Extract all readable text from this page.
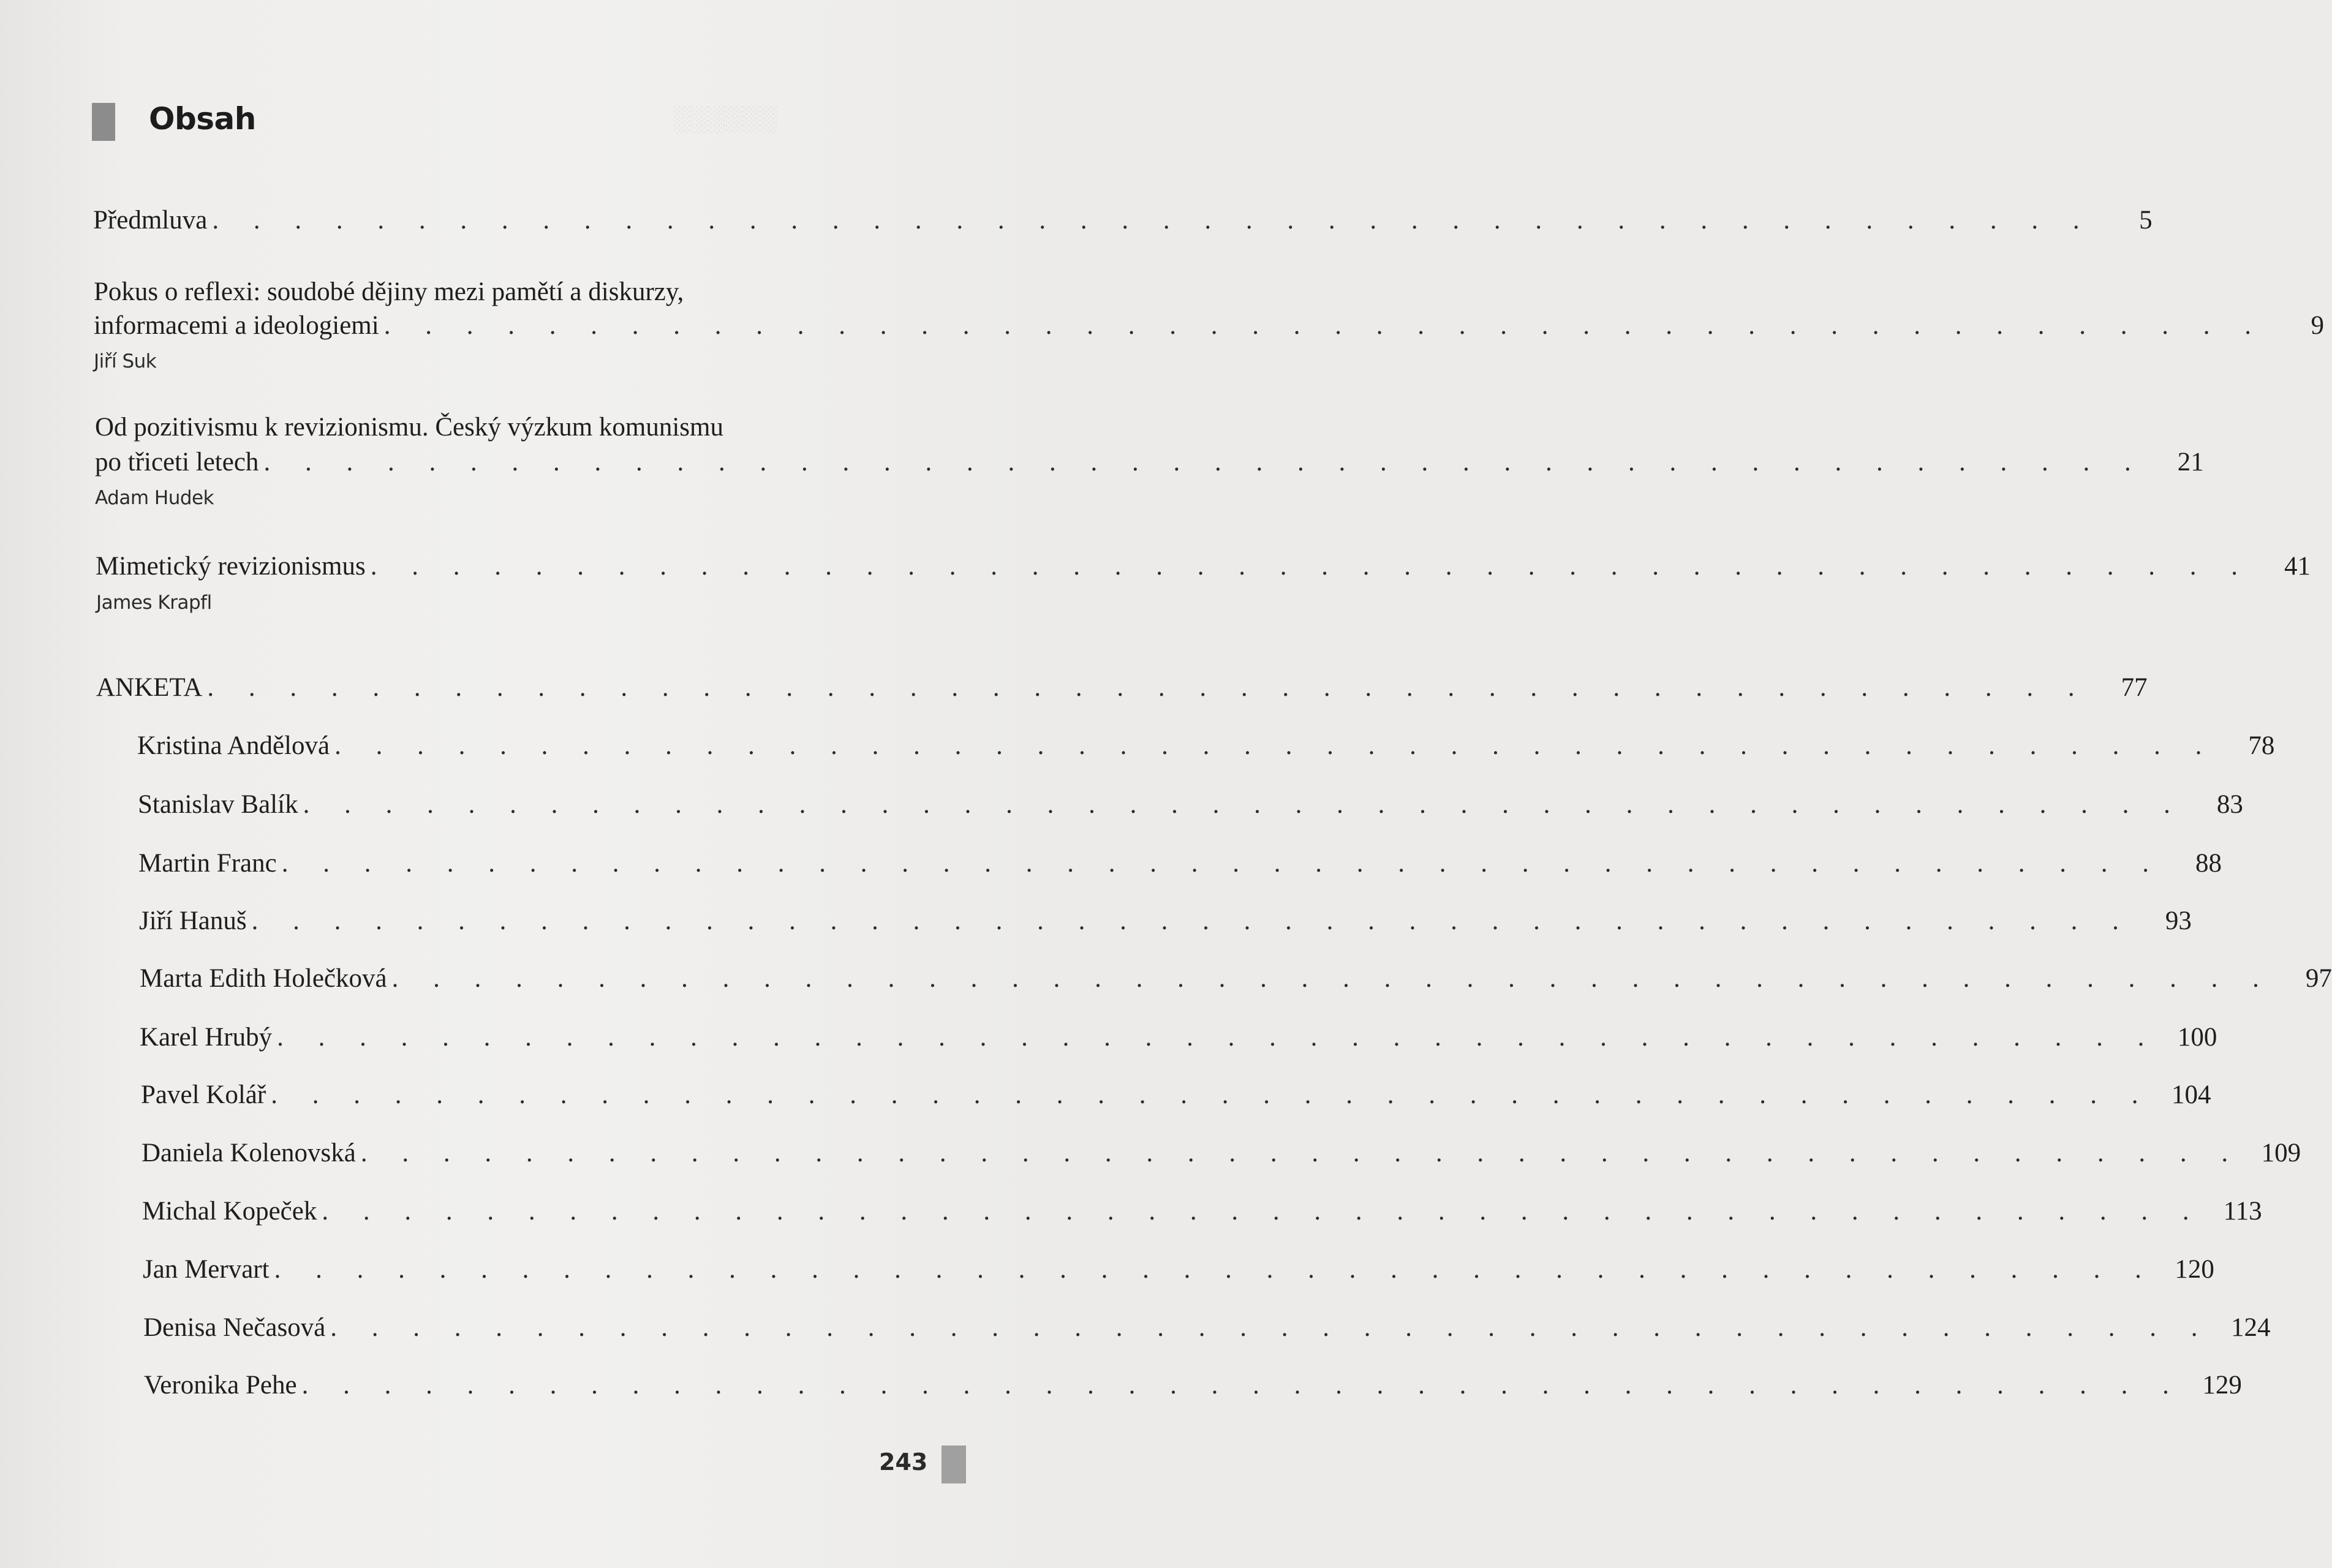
░░░░░░
Obsah
Předmluva . . . . . . . . . . . . . . . . . . . . . . . . . . . . . . . . . . . . . . . . . . . . . .	5
Pokus o reflexi: soudobé dějiny mezi pamětí a diskurzy,
informacemi a ideologiemi . . . . . . . . . . . . . . . . . . . . . . . . . . . . . . . . . . . . . . . . . . . . . .	9
Jiří Suk
Od pozitivismu k revizionismu. Český výzkum komunismu
po třiceti letech . . . . . . . . . . . . . . . . . . . . . . . . . . . . . . . . . . . . . . . . . . . . . .	21
Adam Hudek
Mimetický revizionismus . . . . . . . . . . . . . . . . . . . . . . . . . . . . . . . . . . . . . . . . . . . . . .	41
James Krapfl
ANKETA . . . . . . . . . . . . . . . . . . . . . . . . . . . . . . . . . . . . . . . . . . . . . .	77
Kristina Andělová . . . . . . . . . . . . . . . . . . . . . . . . . . . . . . . . . . . . . . . . . . . . . .	78
Stanislav Balík . . . . . . . . . . . . . . . . . . . . . . . . . . . . . . . . . . . . . . . . . . . . . .	83
Martin Franc . . . . . . . . . . . . . . . . . . . . . . . . . . . . . . . . . . . . . . . . . . . . . .	88
Jiří Hanuš . . . . . . . . . . . . . . . . . . . . . . . . . . . . . . . . . . . . . . . . . . . . . .	93
Marta Edith Holečková . . . . . . . . . . . . . . . . . . . . . . . . . . . . . . . . . . . . . . . . . . . . . .	97
Karel Hrubý . . . . . . . . . . . . . . . . . . . . . . . . . . . . . . . . . . . . . . . . . . . . . . 100
Pavel Kolář . . . . . . . . . . . . . . . . . . . . . . . . . . . . . . . . . . . . . . . . . . . . . . 104
Daniela Kolenovská . . . . . . . . . . . . . . . . . . . . . . . . . . . . . . . . . . . . . . . . . . . . . . 109
Michal Kopeček . . . . . . . . . . . . . . . . . . . . . . . . . . . . . . . . . . . . . . . . . . . . . . 113
Jan Mervart . . . . . . . . . . . . . . . . . . . . . . . . . . . . . . . . . . . . . . . . . . . . . . 120
Denisa Nečasová . . . . . . . . . . . . . . . . . . . . . . . . . . . . . . . . . . . . . . . . . . . . . . 124
Veronika Pehe . . . . . . . . . . . . . . . . . . . . . . . . . . . . . . . . . . . . . . . . . . . . . . 129
243
